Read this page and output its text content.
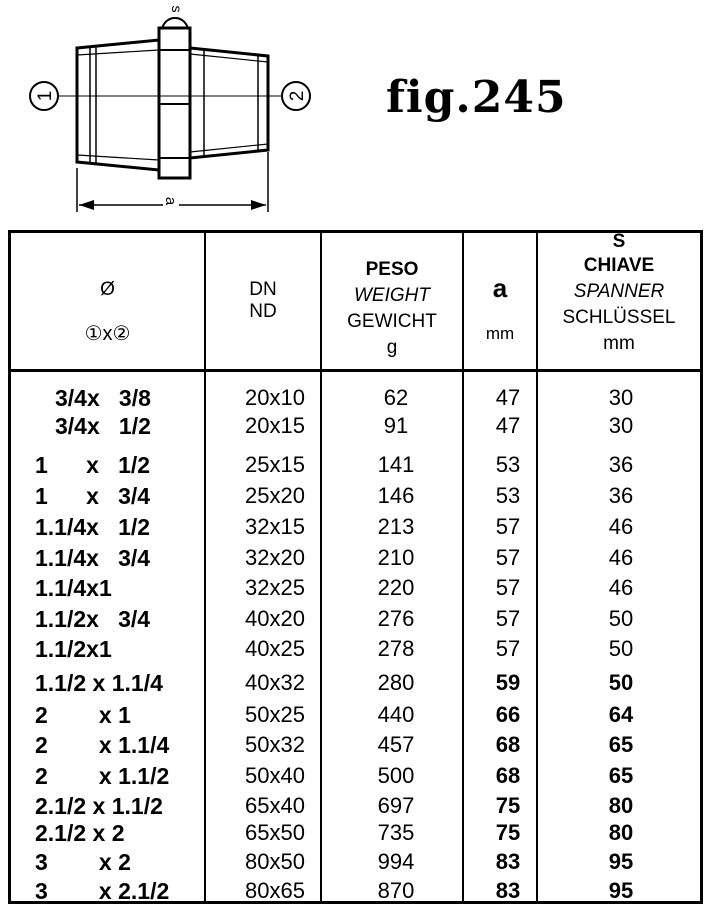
1	2
s
a
fig.245
Ø
①x②
DN
ND
PESO
WEIGHT
GEWICHT
g
a
mm
S
CHIAVE
SPANNER
SCHLÜSSEL
mm
3/4x   3/8	20x10	62	47	30
3/4x   1/2	20x15	91	47	30
1      x   1/2	25x15	141	53	36
1      x   3/4	25x20	146	53	36
1.1/4x   1/2	32x15	213	57	46
1.1/4x   3/4	32x20	210	57	46
1.1/4x1	32x25	220	57	46
1.1/2x   3/4	40x20	276	57	50
1.1/2x1	40x25	278	57	50
1.1/2 x 1.1/4	40x32	280	59	50
2        x 1	50x25	440	66	64
2        x 1.1/4	50x32	457	68	65
2        x 1.1/2	50x40	500	68	65
2.1/2 x 1.1/2	65x40	697	75	80
2.1/2 x 2	65x50	735	75	80
3        x 2	80x50	994	83	95
3        x 2.1/2	80x65	870	83	95
